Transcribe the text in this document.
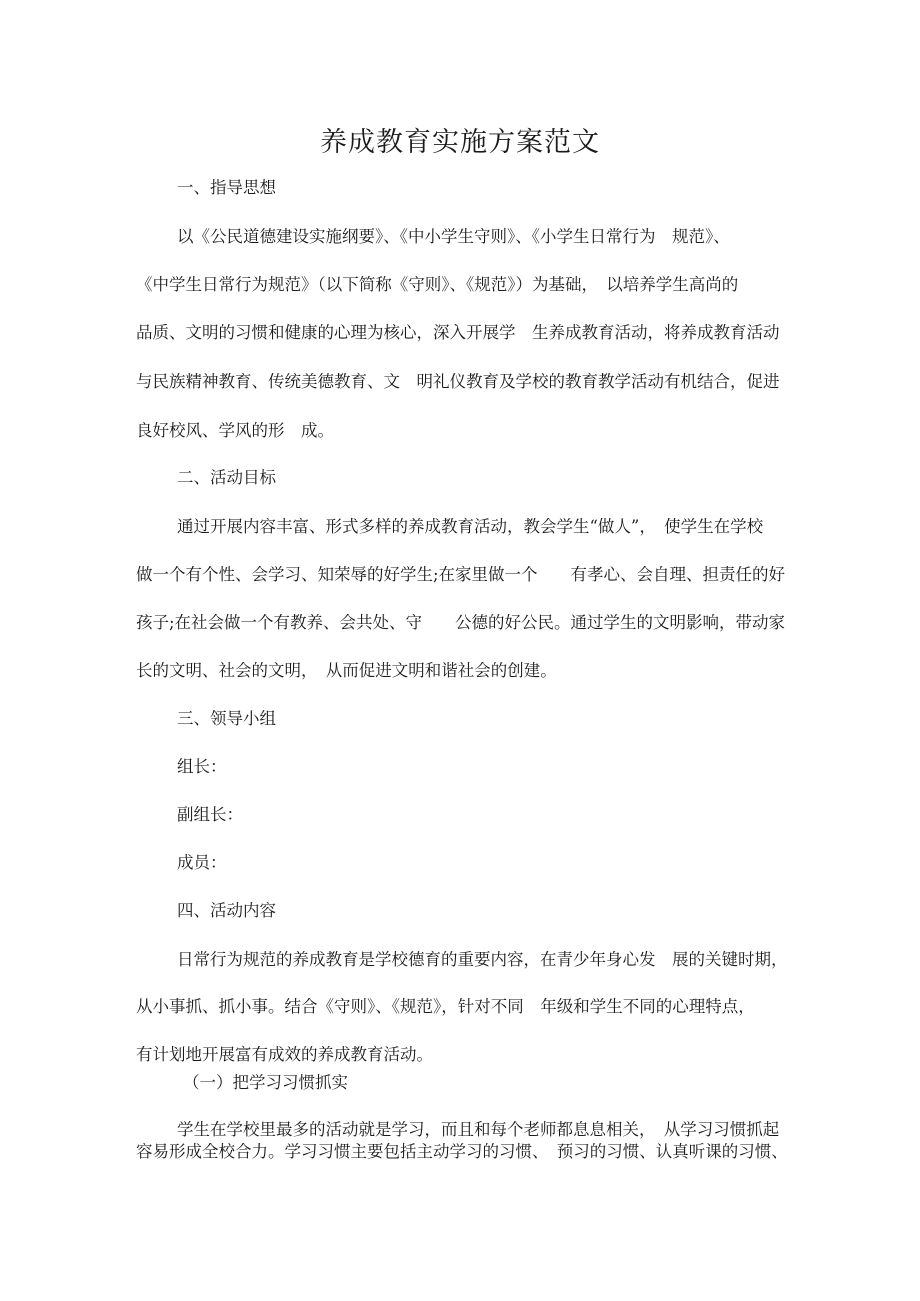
养成教育实施方案范文

一、指导思想

以《公民道德建设实施纲要》、《中小学生守则》、《小学生日常行为　规范》、

《中学生日常行为规范》（以下简称《守则》、《规范》）为基础，　以培养学生高尚的

品质、文明的习惯和健康的心理为核心，深入开展学　生养成教育活动，将养成教育活动

与民族精神教育、传统美德教育、文　明礼仪教育及学校的教育教学活动有机结合，促进

良好校风、学风的形　成。

二、活动目标

通过开展内容丰富、形式多样的养成教育活动，教会学生“做人”，　使学生在学校

做一个有个性、会学习、知荣辱的好学生;在家里做一个　　有孝心、会自理、担责任的好

孩子;在社会做一个有教养、会共处、守　　公德的好公民。通过学生的文明影响，带动家

长的文明、社会的文明，　从而促进文明和谐社会的创建。

三、领导小组

组长：

副组长：

成员：

四、活动内容

日常行为规范的养成教育是学校德育的重要内容，在青少年身心发　展的关键时期，

从小事抓、抓小事。结合《守则》、《规范》，针对不同　年级和学生不同的心理特点，

有计划地开展富有成效的养成教育活动。

（一）把学习习惯抓实

学生在学校里最多的活动就是学习，而且和每个老师都息息相关，　从学习习惯抓起

容易形成全校合力。学习习惯主要包括主动学习的习惯、　预习的习惯、认真听课的习惯、
